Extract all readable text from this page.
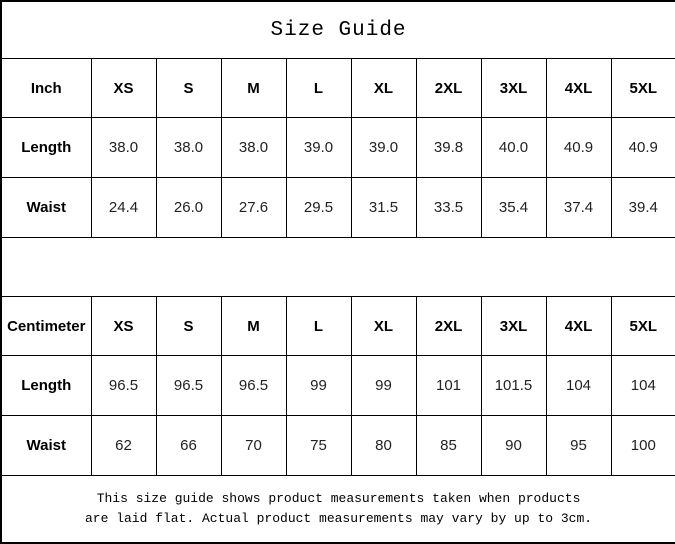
Size Guide									
Inch	XS	S	M	L	XL	2XL	3XL	4XL	5XL
Length	38.0	38.0	38.0	39.0	39.0	39.8	40.0	40.9	40.9
Waist	24.4	26.0	27.6	29.5	31.5	33.5	35.4	37.4	39.4

Centimeter	XS	S	M	L	XL	2XL	3XL	4XL	5XL
Length	96.5	96.5	96.5	99	99	101	101.5	104	104
Waist	62	66	70	75	80	85	90	95	100

This size guide shows product measurements taken when products
are laid flat. Actual product measurements may vary by up to 3cm.									
